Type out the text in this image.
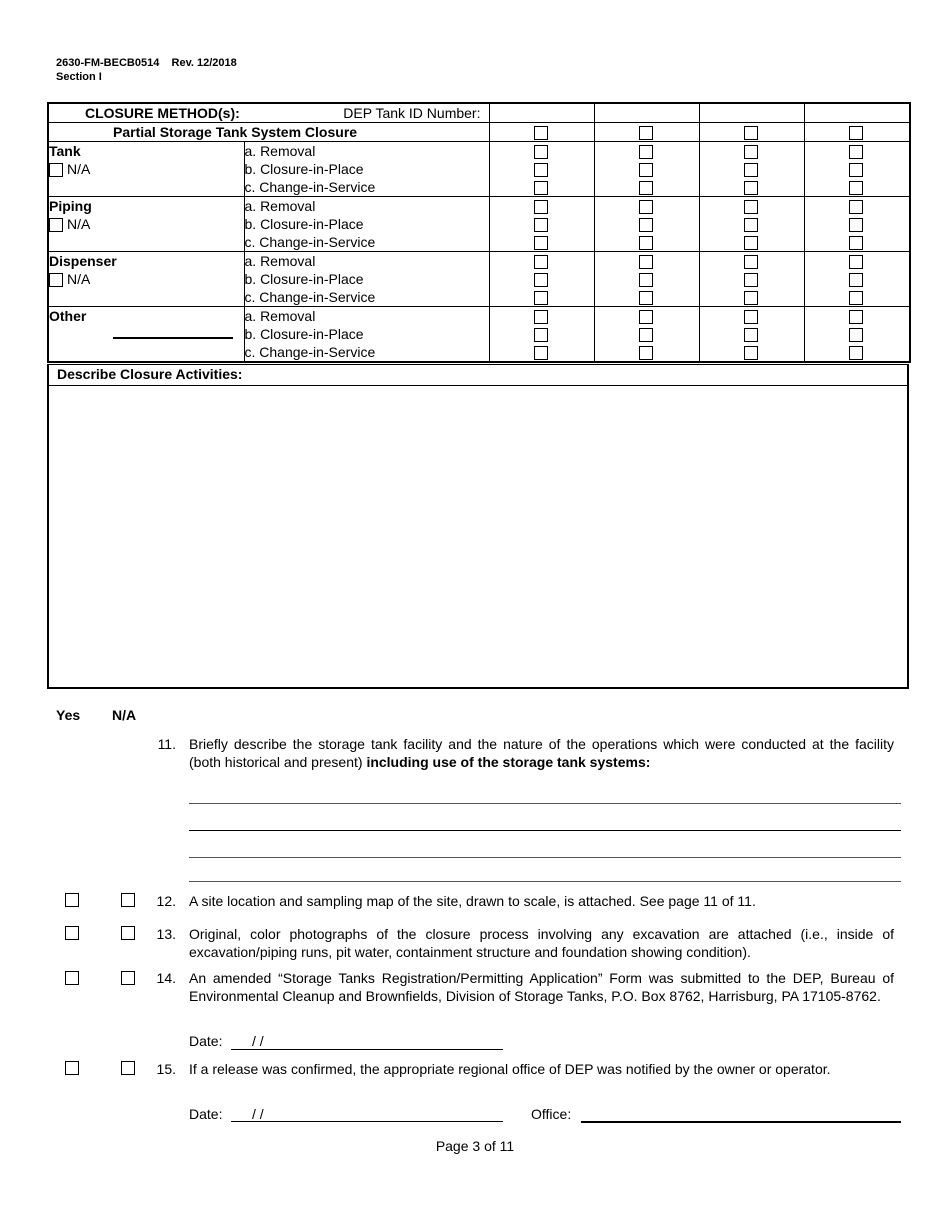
2630-FM-BECB0514    Rev. 12/2018
Section I
CLOSURE METHOD(s): DEP Tank ID Number:					

Partial Storage Tank System Closure					
Tank	a. Removal				
N/A	b. Closure-in-Place				
	c. Change-in-Service				
Piping	a. Removal				
N/A	b. Closure-in-Place				
	c. Change-in-Service				
Dispenser	a. Removal				
N/A	b. Closure-in-Place				
	c. Change-in-Service				
Other	a. Removal				
	b. Closure-in-Place				
	c. Change-in-Service				
Describe Closure Activities:
Yes N/A
11. Briefly describe the storage tank facility and the nature of the operations which were conducted at the facility (both historical and present) including use of the storage tank systems:
12. A site location and sampling map of the site, drawn to scale, is attached. See page 11 of 11.
13. Original, color photographs of the closure process involving any excavation are attached (i.e., inside of excavation/piping runs, pit water, containment structure and foundation showing condition).
14. An amended “Storage Tanks Registration/Permitting Application” Form was submitted to the DEP, Bureau of Environmental Cleanup and Brownfields, Division of Storage Tanks, P.O. Box 8762, Harrisburg, PA 17105-8762.
Date: / /
15. If a release was confirmed, the appropriate regional office of DEP was notified by the owner or operator.
Date: / /	Office:
Page 3 of 11
